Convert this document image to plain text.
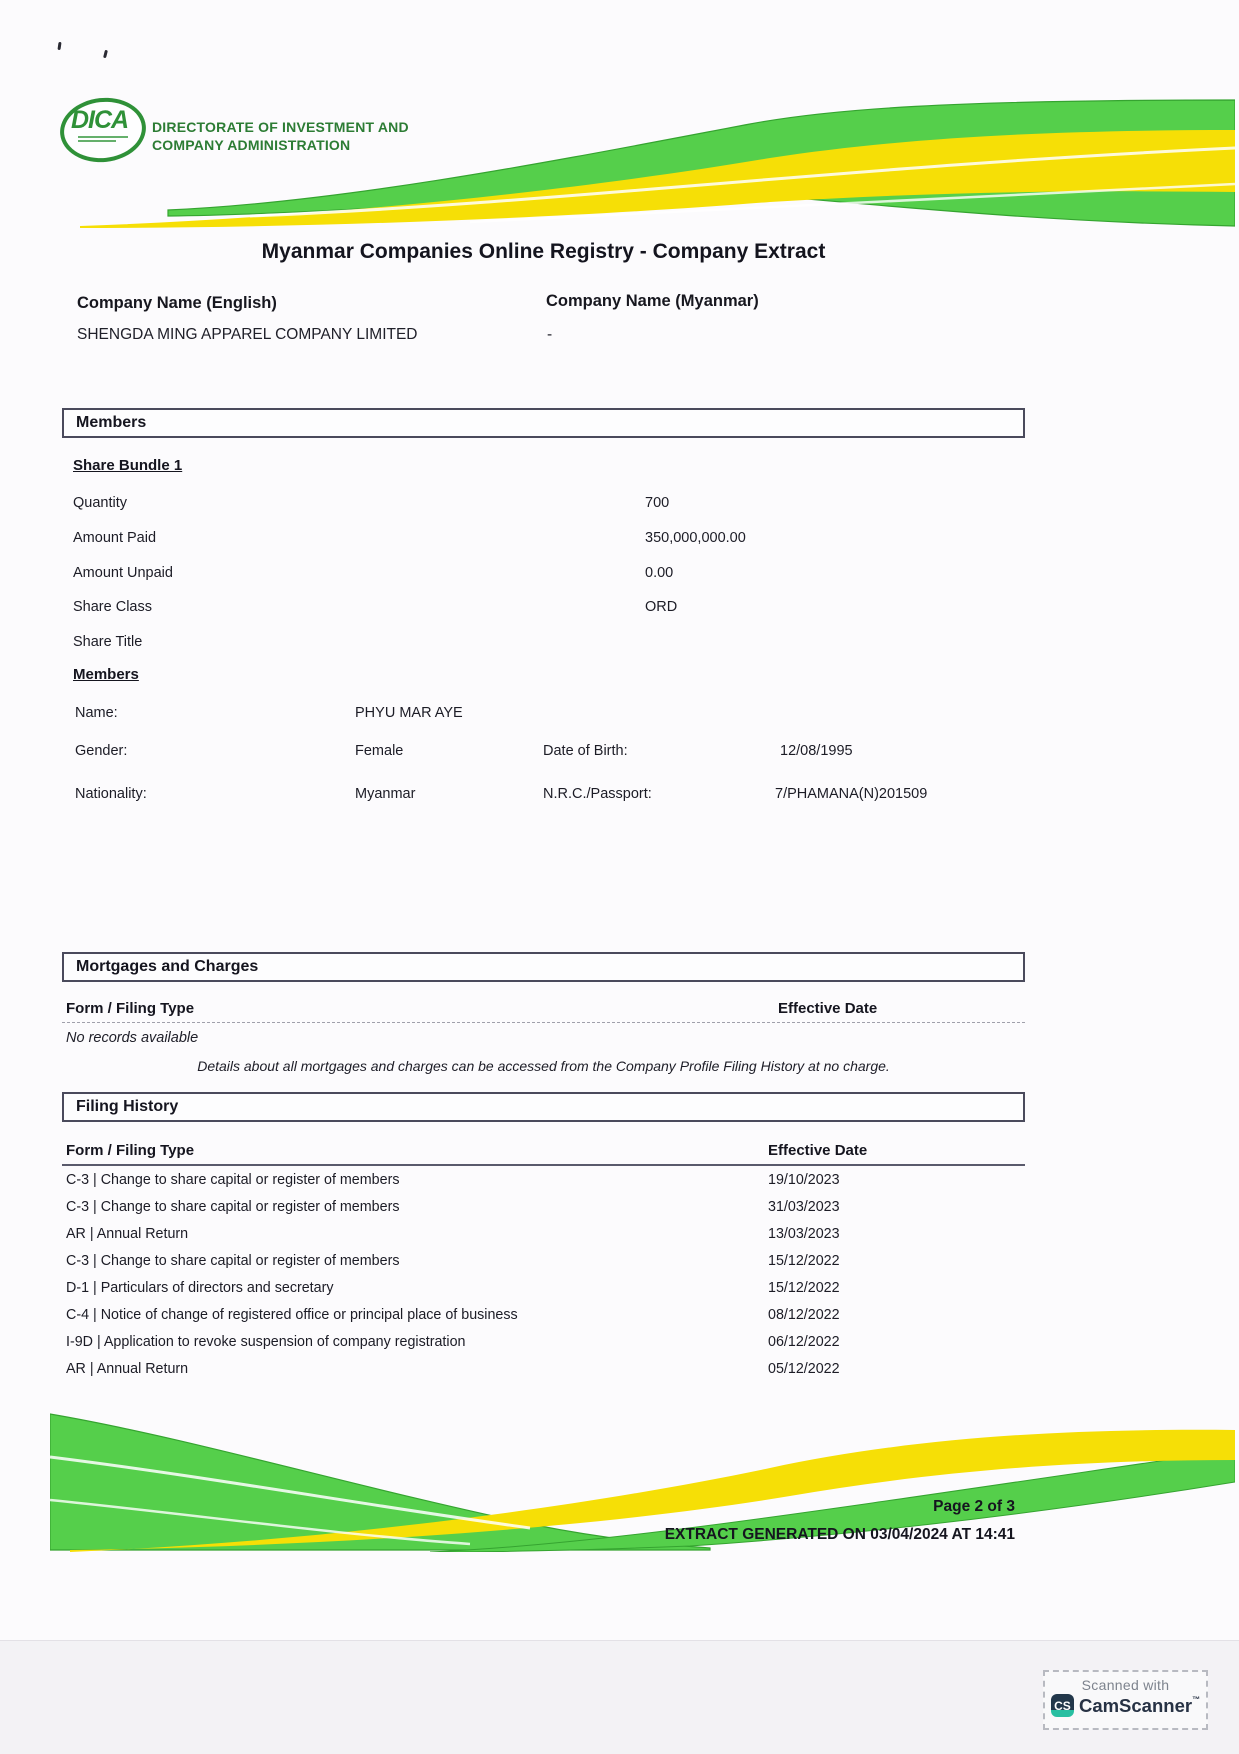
DICA DIRECTORATE OF INVESTMENT AND
COMPANY ADMINISTRATION
Myanmar Companies Online Registry - Company Extract
Company Name (English)	Company Name (Myanmar)
SHENGDA MING APPAREL COMPANY LIMITED	-
Members
Share Bundle 1
Quantity	700
Amount Paid	350,000,000.00
Amount Unpaid	0.00
Share Class	ORD
Share Title
Members
Name:	PHYU MAR AYE
Gender:	Female	Date of Birth:	12/08/1995
Nationality:	Myanmar	N.R.C./Passport:	7/PHAMANA(N)201509
Mortgages and Charges
Form / Filing Type	Effective Date
No records available
Details about all mortgages and charges can be accessed from the Company Profile Filing History at no charge.
Filing History
Form / Filing Type	Effective Date
C-3 | Change to share capital or register of members	19/10/2023
C-3 | Change to share capital or register of members	31/03/2023
AR | Annual Return	13/03/2023
C-3 | Change to share capital or register of members	15/12/2022
D-1 | Particulars of directors and secretary	15/12/2022
C-4 | Notice of change of registered office or principal place of business	08/12/2022
I-9D | Application to revoke suspension of company registration	06/12/2022
AR | Annual Return	05/12/2022
Page 2 of 3
EXTRACT GENERATED ON 03/04/2024 AT 14:41
Scanned with
CS CamScanner™
